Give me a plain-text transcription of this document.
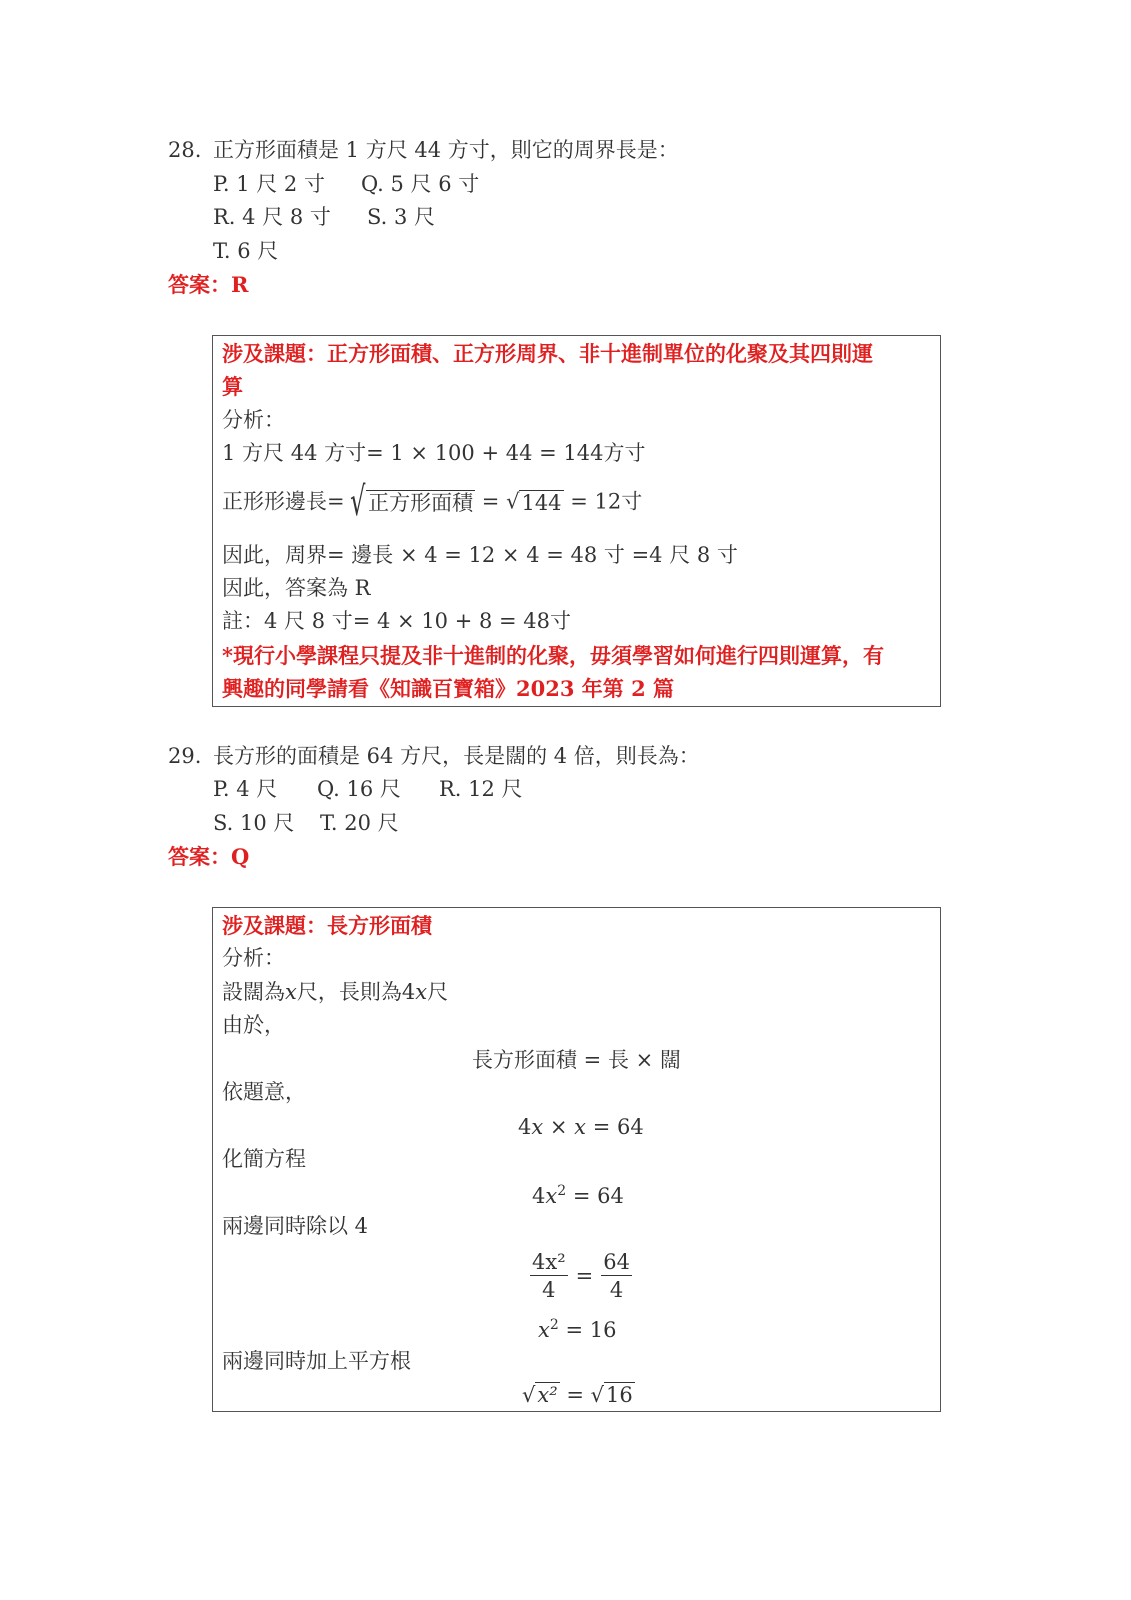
28. 正方形面積是 1 方尺 44 方寸，則它的周界長是：
P. 1 尺 2 寸 Q. 5 尺 6 寸
R. 4 尺 8 寸 S. 3 尺
T. 6 尺
答案：R
涉及課題：正方形面積、正方形周界、非十進制單位的化聚及其四則運
算
分析：
1 方尺 44 方寸= 1 × 100 + 44 = 144方寸
正形形邊長= √ 正方形面積 = √144 = 12寸
因此，周界= 邊長 × 4 = 12 × 4 = 48 寸 =4 尺 8 寸
因此，答案為 R
註：4 尺 8 寸= 4 × 10 + 8 = 48寸
*現行小學課程只提及非十進制的化聚，毋須學習如何進行四則運算，有
興趣的同學請看《知識百寶箱》2023 年第 2 篇
29. 長方形的面積是 64 方尺，長是闊的 4 倍，則長為：
P. 4 尺 Q. 16 尺 R. 12 尺
S. 10 尺 T. 20 尺
答案：Q
涉及課題：長方形面積
分析：
設闊為x尺，長則為4x尺
由於，
長方形面積 = 長 × 闊
依題意，
4x × x = 64
化簡方程
$4x^2 = 64$
兩邊同時除以 4
$\frac{\text{4x²}}{4} = \frac{64}{4}$
$x^2 = 16$
兩邊同時加上平方根
√x² = √16
